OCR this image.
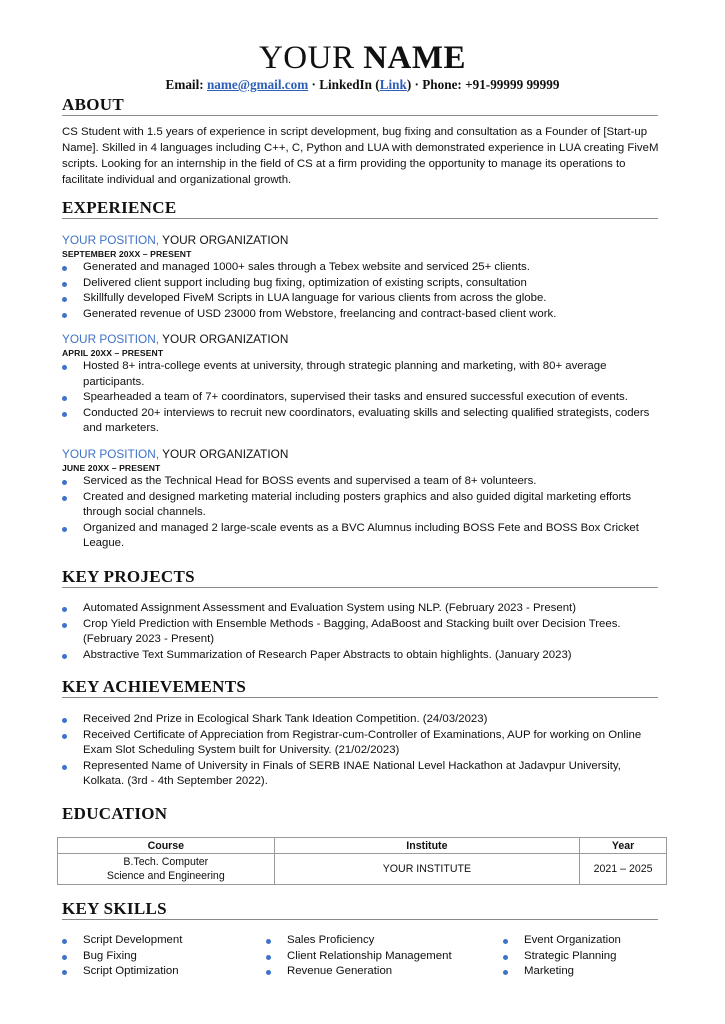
YOUR NAME
Email: name@gmail.com · LinkedIn (Link) · Phone: +91-99999 99999
ABOUT
CS Student with 1.5 years of experience in script development, bug fixing and consultation as a Founder of [Start-up Name]. Skilled in 4 languages including C++, C, Python and LUA with demonstrated experience in LUA creating FiveM scripts. Looking for an internship in the field of CS at a firm providing the opportunity to manage its operations to facilitate individual and organizational growth.
EXPERIENCE
YOUR POSITION, YOUR ORGANIZATION
SEPTEMBER 20XX – PRESENT
Generated and managed 1000+ sales through a Tebex website and serviced 25+ clients.
Delivered client support including bug fixing, optimization of existing scripts, consultation
Skillfully developed FiveM Scripts in LUA language for various clients from across the globe.
Generated revenue of USD 23000 from Webstore, freelancing and contract-based client work.
YOUR POSITION, YOUR ORGANIZATION
APRIL 20XX – PRESENT
Hosted 8+ intra-college events at university, through strategic planning and marketing, with 80+ average participants.
Spearheaded a team of 7+ coordinators, supervised their tasks and ensured successful execution of events.
Conducted 20+ interviews to recruit new coordinators, evaluating skills and selecting qualified strategists, coders and marketers.
YOUR POSITION, YOUR ORGANIZATION
JUNE 20XX – PRESENT
Serviced as the Technical Head for BOSS events and supervised a team of 8+ volunteers.
Created and designed marketing material including posters graphics and also guided digital marketing efforts through social channels.
Organized and managed 2 large-scale events as a BVC Alumnus including BOSS Fete and BOSS Box Cricket League.
KEY PROJECTS
Automated Assignment Assessment and Evaluation System using NLP. (February 2023 - Present)
Crop Yield Prediction with Ensemble Methods - Bagging, AdaBoost and Stacking built over Decision Trees. (February 2023 - Present)
Abstractive Text Summarization of Research Paper Abstracts to obtain highlights. (January 2023)
KEY ACHIEVEMENTS
Received 2nd Prize in Ecological Shark Tank Ideation Competition. (24/03/2023)
Received Certificate of Appreciation from Registrar-cum-Controller of Examinations, AUP for working on Online Exam Slot Scheduling System built for University. (21/02/2023)
Represented Name of University in Finals of SERB INAE National Level Hackathon at Jadavpur University, Kolkata. (3rd - 4th September 2022).
EDUCATION
Course	Institute	Year

B.Tech. Computer
Science and Engineering	YOUR INSTITUTE	2021 – 2025
KEY SKILLS
Script Development
Bug Fixing
Script Optimization
Sales Proficiency
Client Relationship Management
Revenue Generation
Event Organization
Strategic Planning
Marketing
